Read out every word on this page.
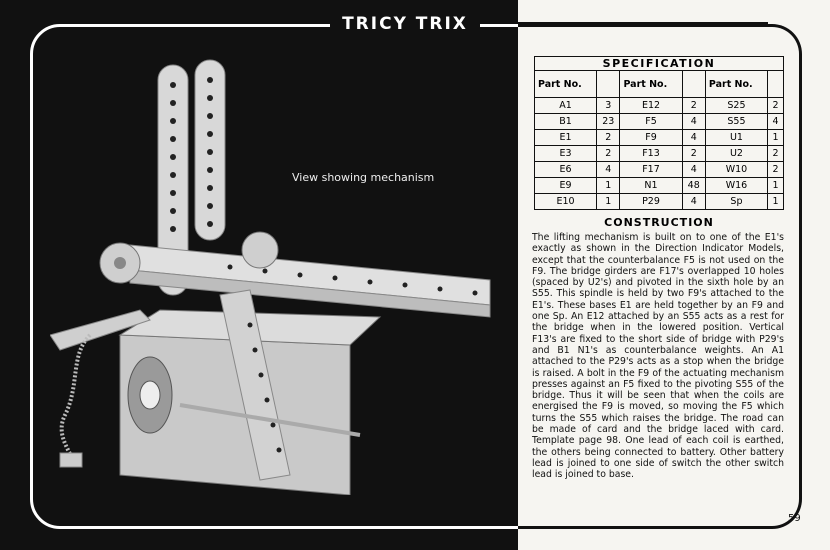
TRICY TRIX
View showing mechanism
SPECIFICATION
Part No.		Part No.		Part No.	
A1	3	E12	2	S25	2
B1	23	F5	4	S55	4
E1	2	F9	4	U1	1
E3	2	F13	2	U2	2
E6	4	F17	4	W10	2
E9	1	N1	48	W16	1
E10	1	P29	4	Sp	1
CONSTRUCTION
The lifting mechanism is built on to one of the E1's exactly as shown in the Direction Indicator Models, except that the counterbalance F5 is not used on the F9. The bridge girders are F17's overlapped 10 holes (spaced by U2's) and pivoted in the sixth hole by an S55. This spindle is held by two F9's attached to the E1's. These bases E1 are held together by an F9 and one Sp. An E12 attached by an S55 acts as a rest for the bridge when in the lowered position. Vertical F13's are fixed to the short side of bridge with P29's and B1 N1's as counterbalance weights. An A1 attached to the P29's acts as a stop when the bridge is raised. A bolt in the F9 of the actuating mechanism presses against an F5 fixed to the pivoting S55 of the bridge. Thus it will be seen that when the coils are energised the F9 is moved, so moving the F5 which turns the S55 which raises the bridge. The road can be made of card and the bridge laced with card. Template page 98. One lead of each coil is earthed, the others being connected to battery. Other battery lead is joined to one side of switch the other switch lead is joined to base.
59
